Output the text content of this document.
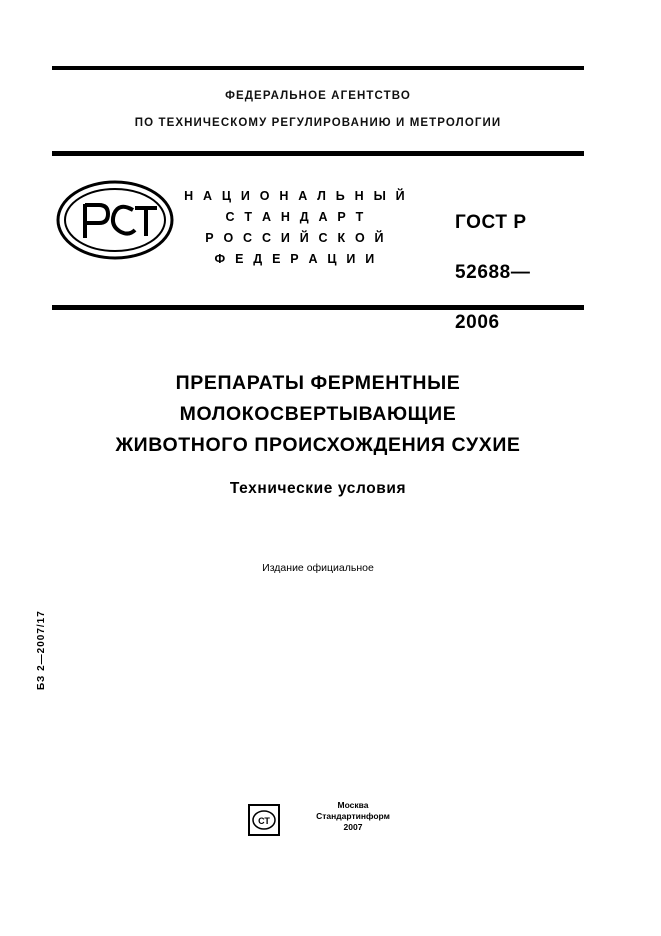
ФЕДЕРАЛЬНОЕ АГЕНТСТВО
ПО ТЕХНИЧЕСКОМУ РЕГУЛИРОВАНИЮ И МЕТРОЛОГИИ
Н А Ц И О Н А Л Ь Н Ы Й
С Т А Н Д А Р Т
Р О С С И Й С К О Й
Ф Е Д Е Р А Ц И И

ГОСТ Р

52688—

2006

ПРЕПАРАТЫ ФЕРМЕНТНЫЕ
МОЛОКОСВЕРТЫВАЮЩИЕ
ЖИВОТНОГО ПРОИСХОЖДЕНИЯ СУХИЕ
Технические условия
Издание официальное
БЗ 2—2007/17
СТ
Москва
Стандартинформ
2007
